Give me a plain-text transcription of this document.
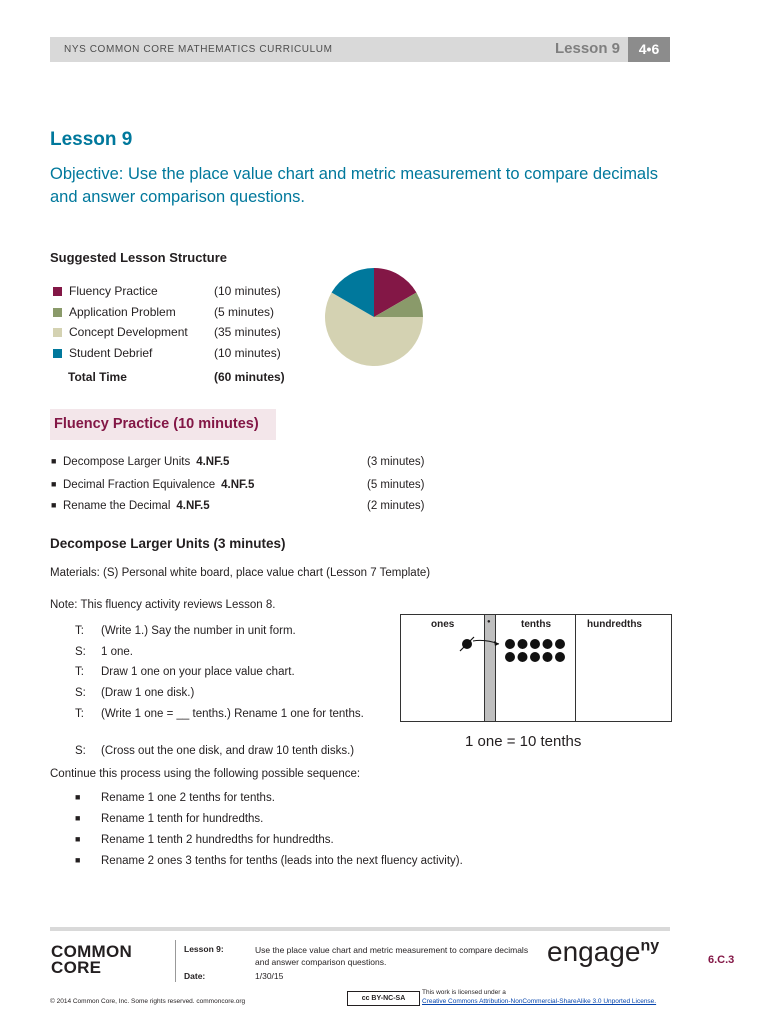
NYS COMMON CORE MATHEMATICS CURRICULUM	Lesson 9	4•6
Lesson 9
Objective: Use the place value chart and metric measurement to compare decimals and answer comparison questions.
Suggested Lesson Structure
Fluency Practice	(10 minutes)
Application Problem	(5 minutes)
Concept Development (35 minutes)
Student Debrief	(10 minutes)
Total Time	(60 minutes)
Fluency Practice (10 minutes)
■ Decompose Larger Units 4.NF.5	(3 minutes)
■ Decimal Fraction Equivalence 4.NF.5	(5 minutes)
■ Rename the Decimal 4.NF.5	(2 minutes)
Decompose Larger Units (3 minutes)
Materials: (S) Personal white board, place value chart (Lesson 7 Template)
Note: This fluency activity reviews Lesson 8.
T: (Write 1.) Say the number in unit form.
S: 1 one.
T: Draw 1 one on your place value chart.
S: (Draw 1 one disk.)
T: (Write 1 one = __ tenths.) Rename 1 one for tenths.
S: (Cross out the one disk, and draw 10 tenth disks.)
Continue this process using the following possible sequence:
■ Rename 1 one 2 tenths for tenths.
■ Rename 1 tenth for hundredths.
■ Rename 1 tenth 2 hundredths for hundredths.
■ Rename 2 ones 3 tenths for tenths (leads into the next fluency activity).
ones	●	tenths	hundredths
1 one = 10 tenths
COMMON
CORE
Lesson 9:	Use the place value chart and metric measurement to compare decimals and answer comparison questions.
Date:	1/30/15
engage$^{ny}$
6.C.3
© 2014 Common Core, Inc. Some rights reserved. commoncore.org	cc BY-NC-SA
This work is licensed under a
Creative Commons Attribution-NonCommercial-ShareAlike 3.0 Unported License.
